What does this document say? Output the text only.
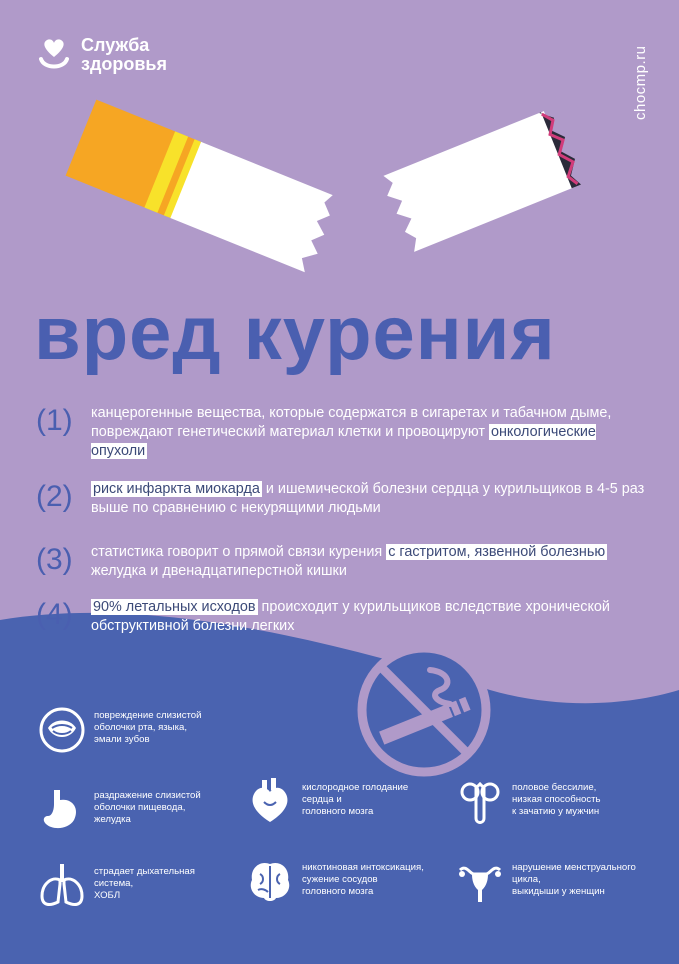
Служба
здоровья	chocmp.ru
вред курения
(1) канцерогенные вещества, которые содержатся в сигаретах и табачном дыме, повреждают генетический материал клетки и провоцируют онкологические опухоли
(2) риск инфаркта миокарда и ишемической болезни сердца у курильщиков в 4-5 раз выше по сравнению с некурящими людьми
(3) статистика говорит о прямой связи курения с гастритом, язвенной болезнью желудка и двенадцатиперстной кишки
(4) 90% летальных исходов происходит у курильщиков вследствие хронической обструктивной болезни легких
повреждение слизистой
оболочки рта, языка,
эмали зубов
раздражение слизистой
оболочки пищевода,
желудка
кислородное голодание
сердца и
головного мозга
половое бессилие,
низкая способность
к зачатию у мужчин
страдает дыхательная
система,
ХОБЛ
никотиновая интоксикация,
сужение сосудов
головного мозга
нарушение менструального
цикла,
выкидыши у женщин
